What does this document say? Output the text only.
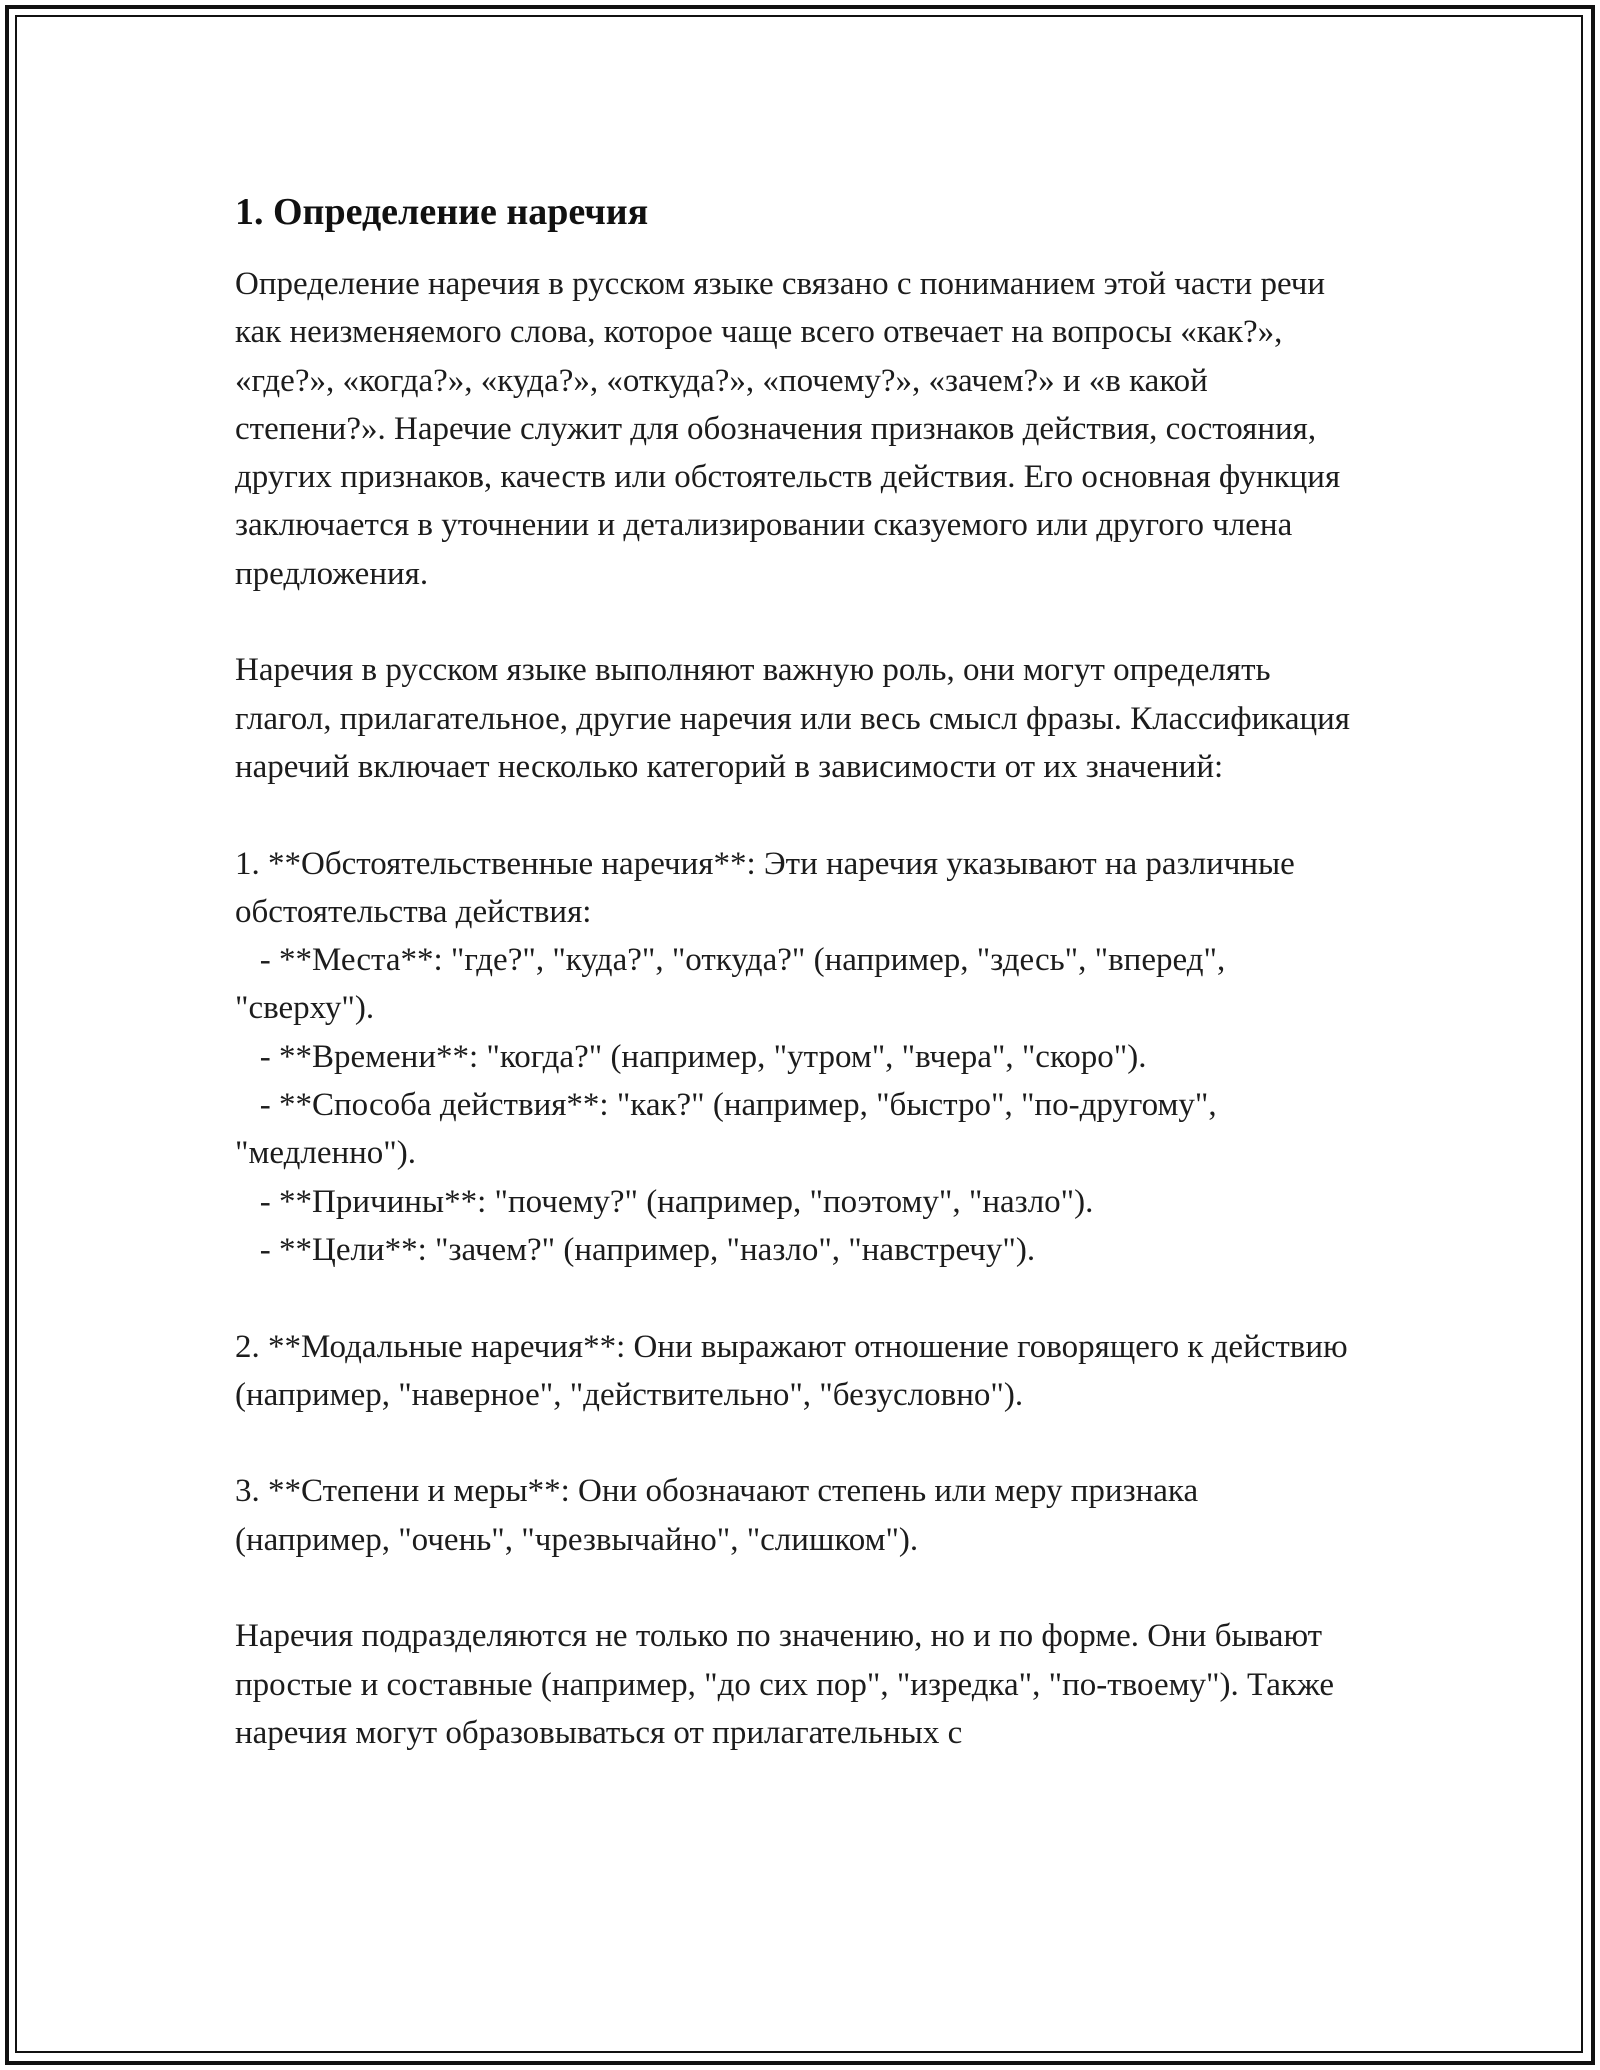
1. Определение наречия

Определение наречия в русском языке связано с пониманием этой части речи как неизменяемого слова, которое чаще всего отвечает на вопросы «как?», «где?», «когда?», «куда?», «откуда?», «почему?», «зачем?» и «в какой степени?». Наречие служит для обозначения признаков действия, состояния, других признаков, качеств или обстоятельств действия. Его основная функция заключается в уточнении и детализировании сказуемого или другого члена предложения.

Наречия в русском языке выполняют важную роль, они могут определять глагол, прилагательное, другие наречия или весь смысл фразы. Классификация наречий включает несколько категорий в зависимости от их значений:

1. **Обстоятельственные наречия**: Эти наречия указывают на различные обстоятельства действия:
- **Места**: "где?", "куда?", "откуда?" (например, "здесь", "вперед", "сверху").
- **Времени**: "когда?" (например, "утром", "вчера", "скоро").
- **Способа действия**: "как?" (например, "быстро", "по-другому", "медленно").
- **Причины**: "почему?" (например, "поэтому", "назло").
- **Цели**: "зачем?" (например, "назло", "навстречу").

2. **Модальные наречия**: Они выражают отношение говорящего к действию (например, "наверное", "действительно", "безусловно").

3. **Степени и меры**: Они обозначают степень или меру признака (например, "очень", "чрезвычайно", "слишком").

Наречия подразделяются не только по значению, но и по форме. Они бывают простые и составные (например, "до сих пор", "изредка", "по-твоему"). Также наречия могут образовываться от прилагательных с
